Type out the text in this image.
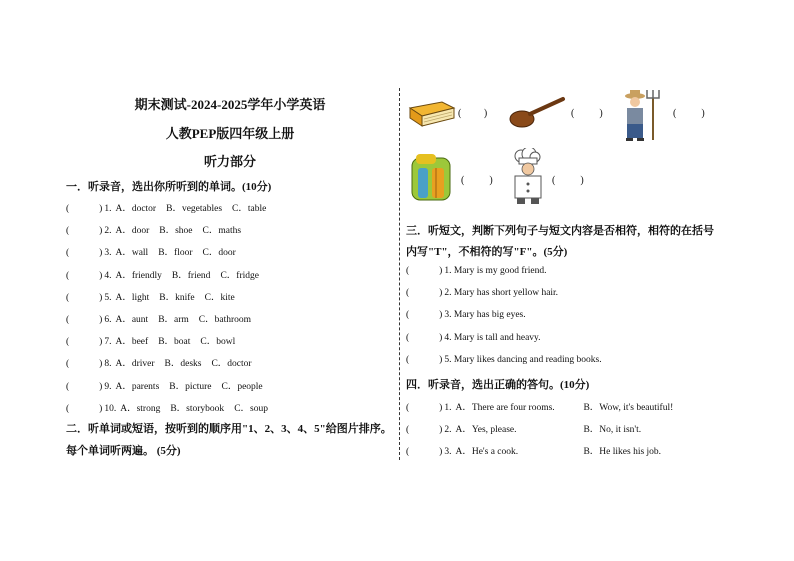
期末测试-2024-2025学年小学英语
人教PEP版四年级上册
听力部分
一．听录音，选出你所听到的单词。(10分)
(	) 1. A．doctor B．vegetables C．table
(	) 2. A．door B．shoe C．maths
(	) 3. A．wall B．floor C．door
(	) 4. A．friendly B．friend C．fridge
(	) 5. A．light B．knife C．kite
(	) 6. A．aunt B．arm C．bathroom
(	) 7. A．beef B．boat C．bowl
(	) 8. A．driver B．desks C．doctor
(	) 9. A．parents B．picture C．people
(	) 10. A．strong B．storybook C．soup
二．听单词或短语，按听到的顺序用"1、2、3、4、5"给图片排序。
每个单词听两遍。 (5分)
(         )	(          )	(          )
(          )	(          )
三．听短文，判断下列句子与短文内容是否相符，相符的在括号
内写"T"，不相符的写"F"。(5分)
(	) 1. Mary is my good friend.
(	) 2. Mary has short yellow hair.
(	) 3. Mary has big eyes.
(	) 4. Mary is tall and heavy.
(	) 5. Mary likes dancing and reading books.
四．听录音，选出正确的答句。(10分)
(	) 1. A．There are four rooms.	B．Wow, it's beautiful!
(	) 2. A．Yes, please.	B．No, it isn't.
(	) 3. A．He's a cook.	B．He likes his job.
